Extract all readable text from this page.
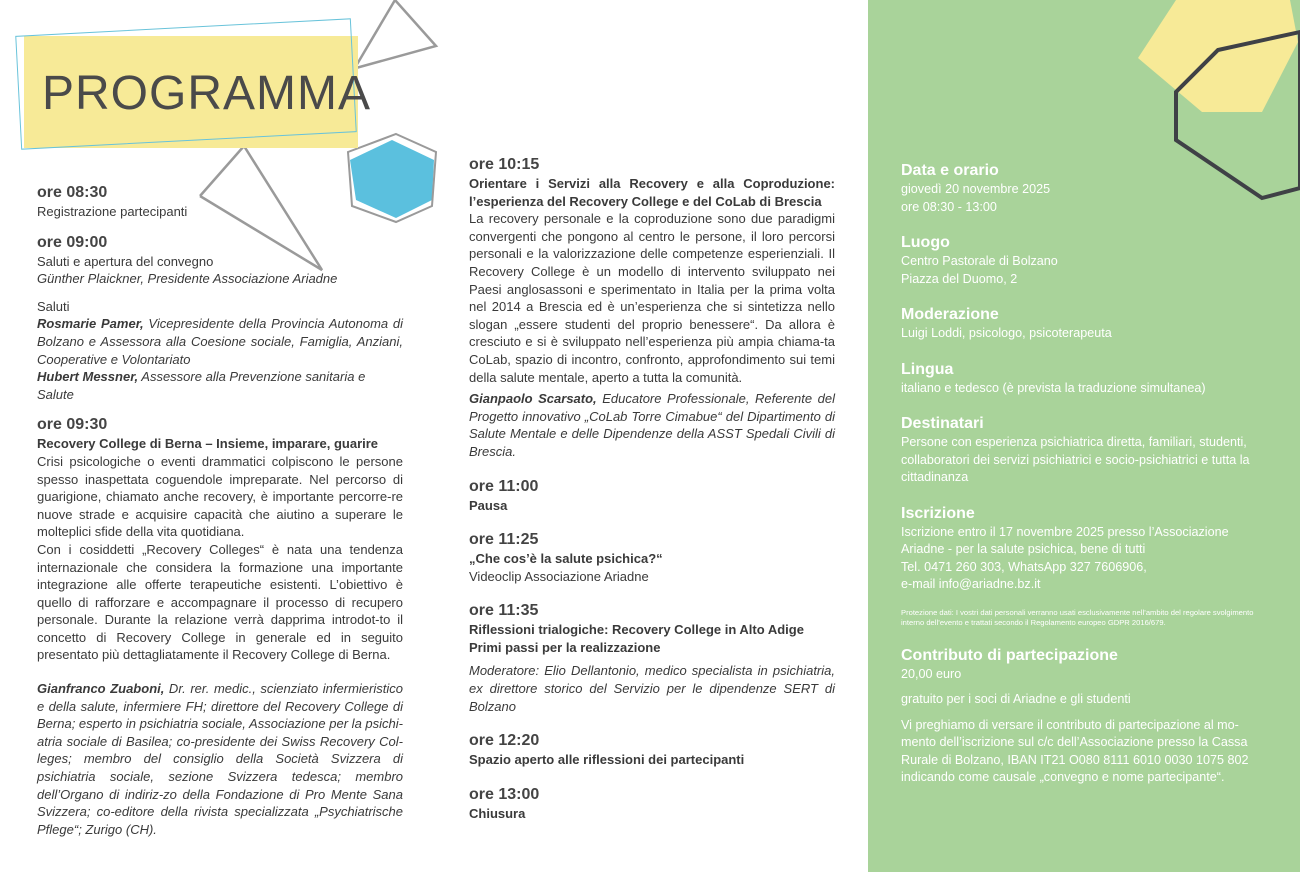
PROGRAMMA
ore 08:30
Registrazione partecipanti
ore 09:00
Saluti e apertura del convegno
Günther Plaickner, Presidente Associazione Ariadne
Saluti
Rosmarie Pamer, Vicepresidente della Provincia Autonoma di Bolzano e Assessora alla Coesione sociale, Famiglia, Anziani, Cooperative e Volontariato
Hubert Messner, Assessore alla Prevenzione sanitaria e Salute
ore 09:30
Recovery College di Berna – Insieme, imparare, guarire
Crisi psicologiche o eventi drammatici colpiscono le persone spesso inaspettata coguendole impreparate. Nel percorso di guarigione, chiamato anche recovery, è importante percorre-re nuove strade e acquisire capacità che aiutino a superare le molteplici sfide della vita quotidiana.
Con i cosiddetti „Recovery Colleges“ è nata una tendenza internazionale che considera la formazione una importante integrazione alle offerte terapeutiche esistenti. L’obiettivo è quello di rafforzare e accompagnare il processo di recupero personale. Durante la relazione verrà dapprima introdot-to il concetto di Recovery College in generale ed in seguito presentato più dettagliatamente il Recovery College di Berna.
Gianfranco Zuaboni, Dr. rer. medic., scienziato infermieristico e della salute, infermiere FH; direttore del Recovery College di Berna; esperto in psichiatria sociale, Associazione per la psichi-atria sociale di Basilea; co-presidente dei Swiss Recovery Col-leges; membro del consiglio della Società Svizzera di psichiatria sociale, sezione Svizzera tedesca; membro dell’Organo di indiriz-zo della Fondazione di Pro Mente Sana Svizzera; co-editore della rivista specializzata „Psychiatrische Pflege“; Zurigo (CH).
ore 10:15
Orientare i Servizi alla Recovery e alla Coproduzione: l’esperienza del Recovery College e del CoLab di Brescia
La recovery personale e la coproduzione sono due paradigmi convergenti che pongono al centro le persone, il loro percorsi personali e la valorizzazione delle competenze esperienziali. Il Recovery College è un modello di intervento sviluppato nei Paesi anglosassoni e sperimentato in Italia per la prima volta nel 2014 a Brescia ed è un’esperienza che si sintetizza nello slogan „essere studenti del proprio benessere“. Da allora è cresciuto e si è sviluppato nell’esperienza più ampia chiama-ta CoLab, spazio di incontro, confronto, approfondimento sui temi della salute mentale, aperto a tutta la comunità.
Gianpaolo Scarsato, Educatore Professionale, Referente del Progetto innovativo „CoLab Torre Cimabue“ del Dipartimento di Salute Mentale e delle Dipendenze della ASST Spedali Civili di Brescia.
ore 11:00
Pausa
ore 11:25
„Che cos’è la salute psichica?“
Videoclip Associazione Ariadne
ore 11:35
Riflessioni trialogiche: Recovery College in Alto Adige
Primi passi per la realizzazione
Moderatore: Elio Dellantonio, medico specialista in psichiatria, ex direttore storico del Servizio per le dipendenze SERT di Bolzano
ore 12:20
Spazio aperto alle riflessioni dei partecipanti
ore 13:00
Chiusura
Data e orario

giovedì 20 novembre 2025

ore 08:30 - 13:00

Luogo

Centro Pastorale di Bolzano

Piazza del Duomo, 2

Moderazione

Luigi Loddi, psicologo, psicoterapeuta

Lingua

italiano e tedesco (è prevista la traduzione simultanea)

Destinatari

Persone con esperienza psichiatrica diretta, familiari, studenti, collaboratori dei servizi psichiatrici e socio-psichiatrici e tutta la cittadinanza

Iscrizione

Iscrizione entro il 17 novembre 2025 presso l’Associazione Ariadne - per la salute psichica, bene di tutti

Tel. 0471 260 303, WhatsApp 327 7606906,

e-mail info@ariadne.bz.it

Protezione dati: I vostri dati personali verranno usati esclusivamente nell’ambito del regolare svolgimento interno dell’evento e trattati secondo il Regolamento europeo GDPR 2016/679.

Contributo di partecipazione

20,00 euro

gratuito per i soci di Ariadne e gli studenti

Vi preghiamo di versare il contributo di partecipazione al mo-mento dell’iscrizione sul c/c dell’Associazione presso la Cassa Rurale di Bolzano, IBAN IT21 O080 8111 6010 0030 1075 802 indicando come causale „convegno e nome partecipante“.
